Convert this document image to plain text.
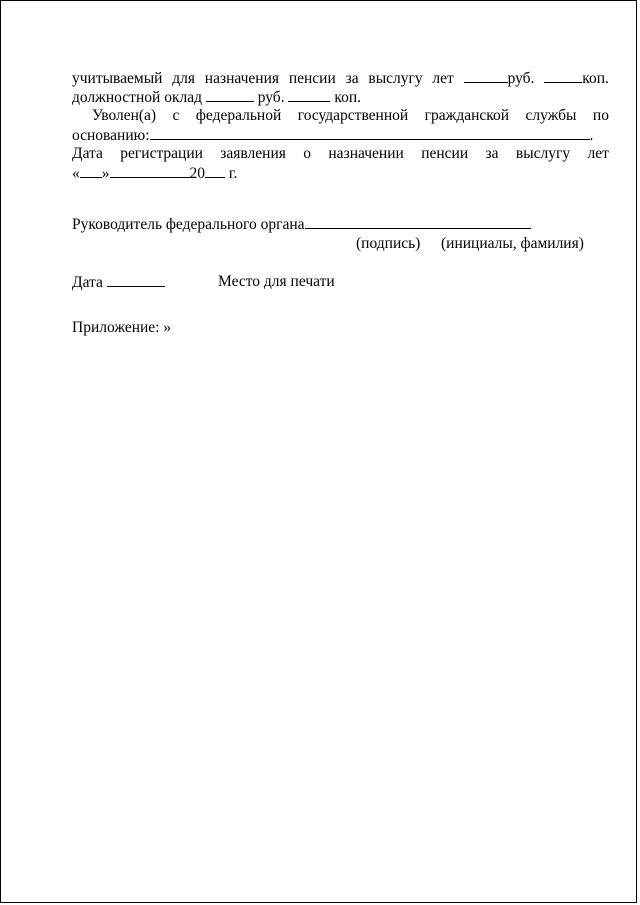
учитываемый для назначения пенсии за выслугу лет	руб.	коп.
должностной оклад	руб.	коп.
Уволен(а) с федеральной государственной гражданской службы по
основанию:	.
Дата регистрации заявления о назначении пенсии за выслугу лет
« »	20 г.
Руководитель федерального органа
(подпись) (инициалы, фамилия)
Дата	Место для печати
Приложение: »
